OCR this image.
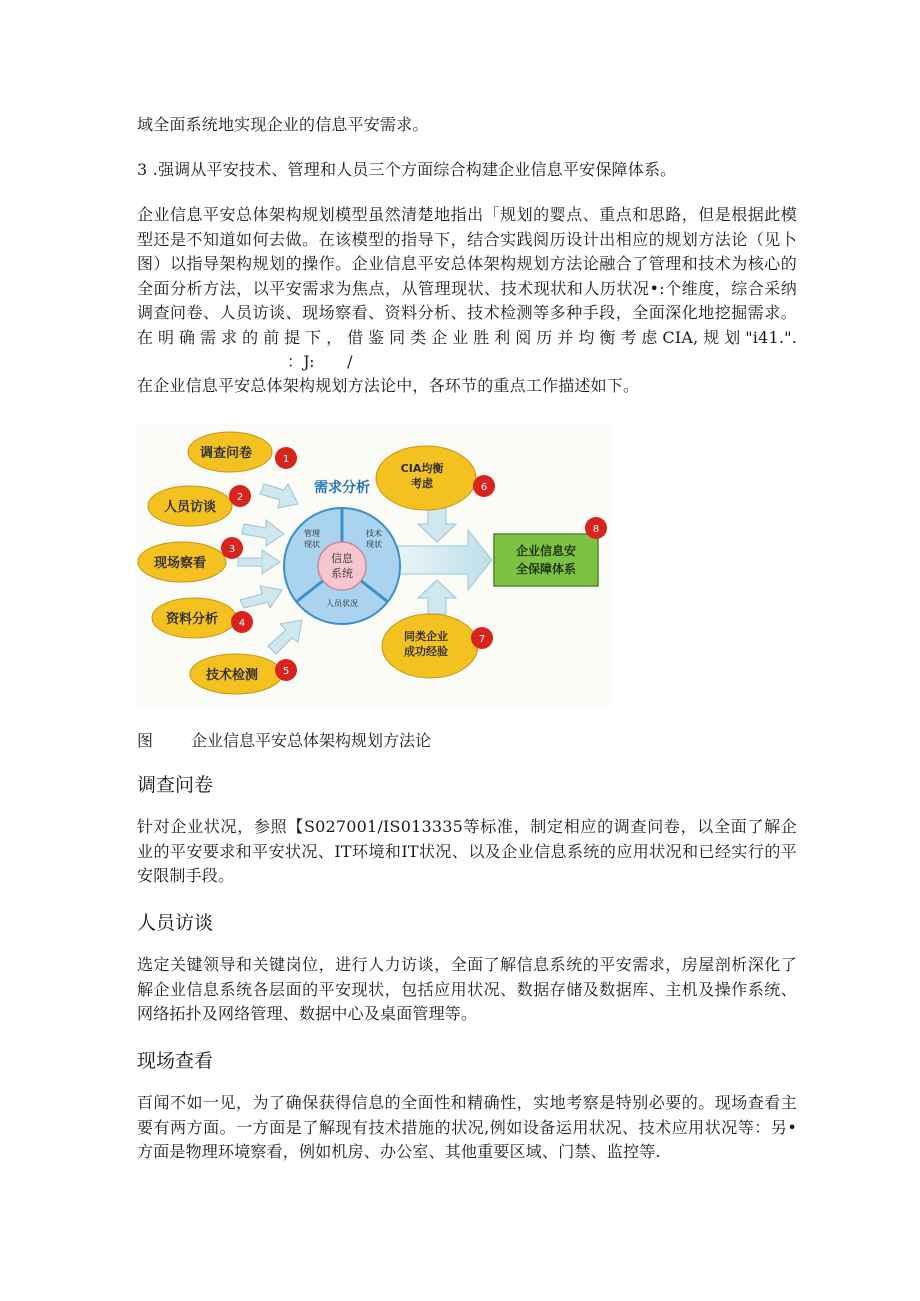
域全面系统地实现企业的信息平安需求。

3 .强调从平安技术、管理和人员三个方面综合构建企业信息平安保障体系。

企业信息平安总体架构规划模型虽然清楚地指出「规划的婴点、重点和思路，但是根据此模型还是不知道如何去做。在该模型的指导下，结合实践阅历设计出相应的规划方法论（见卜图）以指导架构规划的操作。企业信息平安总体架构规划方法论融合了管理和技术为核心的全面分析方法，以平安需求为焦点，从管理现状、技术现状和人历状况•:个维度，综合采纳调查问卷、人员访谈、现场察看、资料分析、技术检测等多种手段，全面深化地挖掘需求。在明确需求的前提下，借鉴同类企业胜利阅历并均衡考虑CIA,规划"i41.". ：J:　　/

在企业信息平安总体架构规划方法论中，各环节的重点工作描述如下。

信息
系统
管理
现状
技术
现状
人员状况
需求分析
调查问卷	1
人员访谈
2
现场察看
3
资料分析 4
技术检测 5
CIA均衡
考虑	6
同类企业
成功经验
7
企业信息安
全保障体系
8

图 企业信息平安总体架构规划方法论

调查问卷

针对企业状况，参照【S027001/IS013335等标准，制定相应的调查问卷，以全面了解企业的平安要求和平安状况、IT环境和IT状况、以及企业信息系统的应用状况和已经实行的平安限制手段。

人员访谈

选定关键领导和关键岗位，进行人力访谈，全面了解信息系统的平安需求，房屋剖析深化了解企业信息系统各层面的平安现状，包括应用状况、数据存储及数据库、主机及操作系统、网络拓扑及网络管理、数据中心及桌面管理等。

现场查看

百闻不如一见，为了确保获得信息的全面性和精确性，实地考察是特别必要的。现场查看主要有两方面。一方面是了解现有技术措施的状况,例如设备运用状况、技术应用状况等：另•方面是物理环境察看，例如机房、办公室、其他重要区域、门禁、监控等.
